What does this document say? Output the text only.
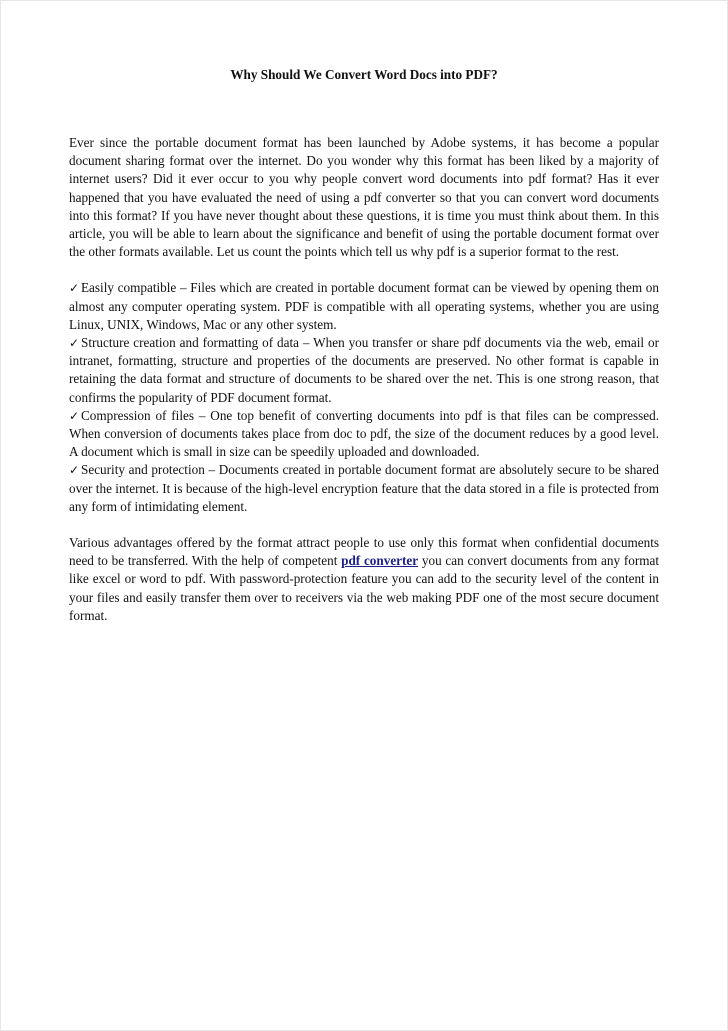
Why Should We Convert Word Docs into PDF?

Ever since the portable document format has been launched by Adobe systems, it has become a popular document sharing format over the internet. Do you wonder why this format has been liked by a majority of internet users? Did it ever occur to you why people convert word documents into pdf format? Has it ever happened that you have evaluated the need of using a pdf converter so that you can convert word documents into this format? If you have never thought about these questions, it is time you must think about them. In this article, you will be able to learn about the significance and benefit of using the portable document format over the other formats available. Let us count the points which tell us why pdf is a superior format to the rest.

✓ Easily compatible – Files which are created in portable document format can be viewed by opening them on almost any computer operating system. PDF is compatible with all operating systems, whether you are using Linux, UNIX, Windows, Mac or any other system.

✓ Structure creation and formatting of data – When you transfer or share pdf documents via the web, email or intranet, formatting, structure and properties of the documents are preserved. No other format is capable in retaining the data format and structure of documents to be shared over the net. This is one strong reason, that confirms the popularity of PDF document format.

✓ Compression of files – One top benefit of converting documents into pdf is that files can be compressed. When conversion of documents takes place from doc to pdf, the size of the document reduces by a good level. A document which is small in size can be speedily uploaded and downloaded.

✓ Security and protection – Documents created in portable document format are absolutely secure to be shared over the internet. It is because of the high-level encryption feature that the data stored in a file is protected from any form of intimidating element.

Various advantages offered by the format attract people to use only this format when confidential documents need to be transferred. With the help of competent pdf converter you can convert documents from any format like excel or word to pdf. With password-protection feature you can add to the security level of the content in your files and easily transfer them over to receivers via the web making PDF one of the most secure document format.
